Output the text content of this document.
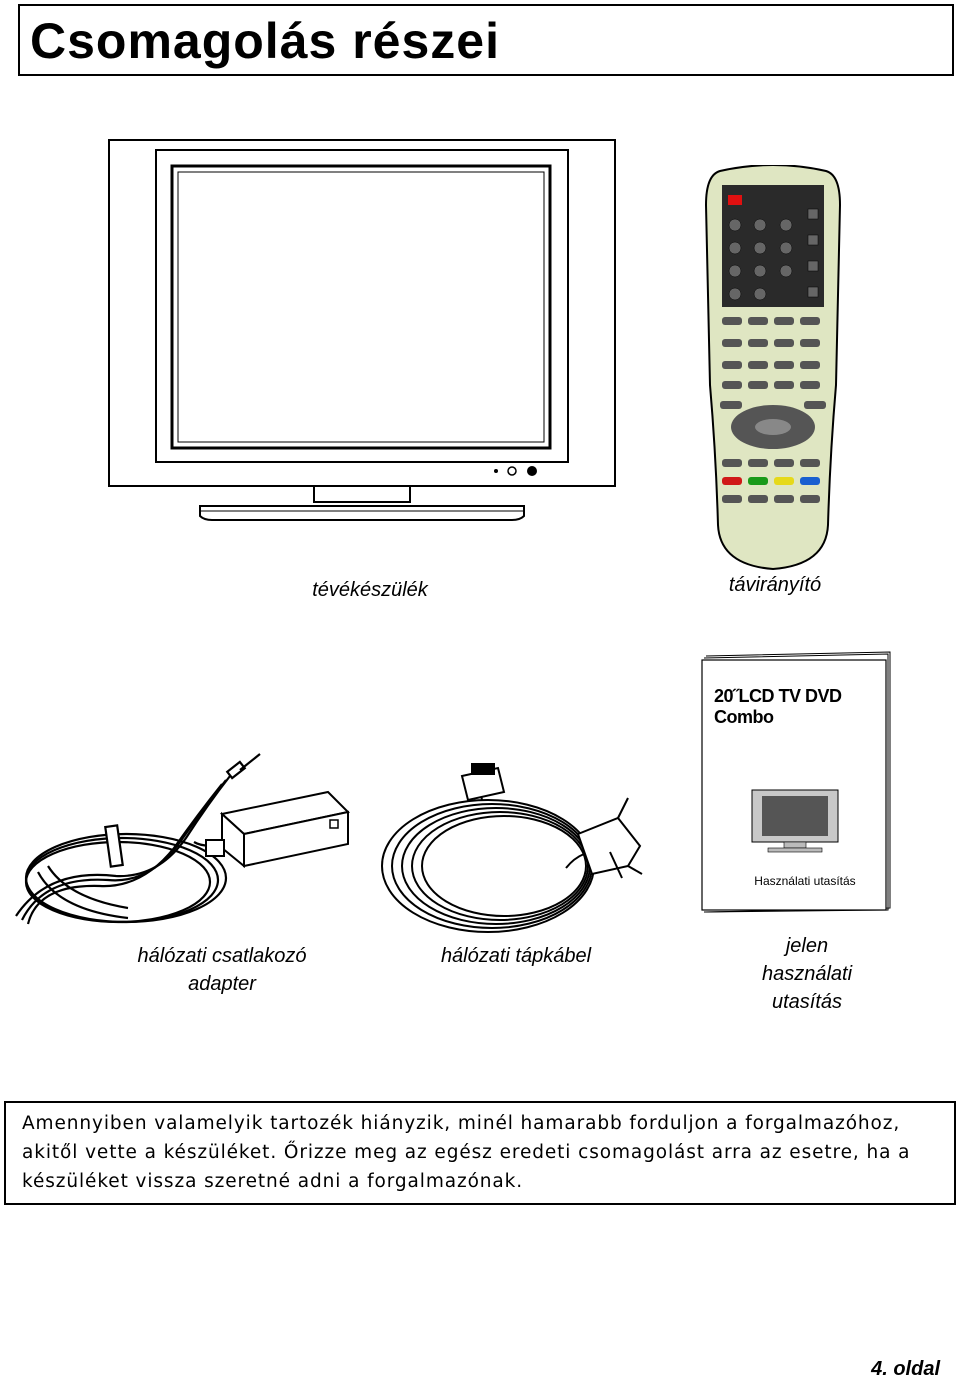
Csomagolás részei
tévékészülék	távirányító
20˝LCD TV DVD Combo
Használati utasítás
hálózati csatlakozó adapter
hálózati tápkábel	jelen használati utasítás
Amennyiben valamelyik tartozék hiányzik, minél hamarabb forduljon a forgalmazóhoz, akitől vette a készüléket. Őrizze meg az egész eredeti csomagolást arra az esetre, ha a készüléket vissza szeretné adni a forgalmazónak.
4. oldal
